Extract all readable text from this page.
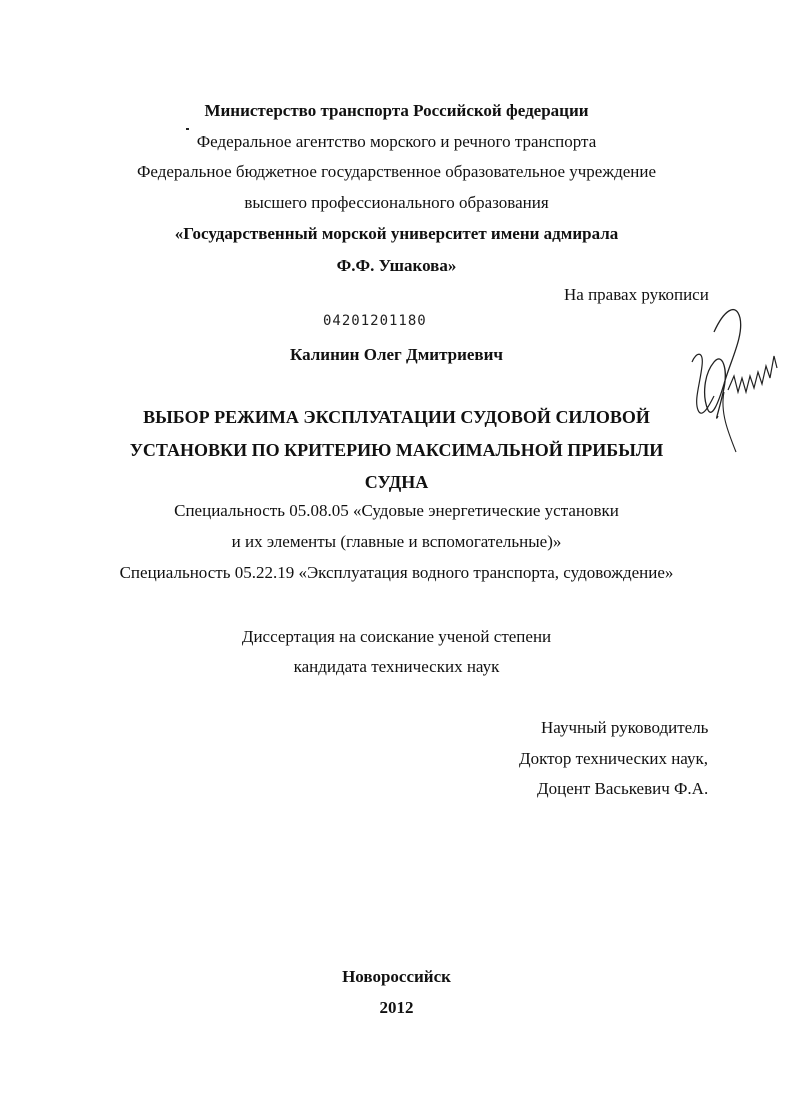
Министерство транспорта Российской федерации
Федеральное агентство морского и речного транспорта
Федеральное бюджетное государственное образовательное учреждение
высшего профессионального образования
«Государственный морской университет имени адмирала
Ф.Ф. Ушакова»
На правах рукописи
04201201180
Калинин Олег Дмитриевич
ВЫБОР РЕЖИМА ЭКСПЛУАТАЦИИ СУДОВОЙ СИЛОВОЙ
УСТАНОВКИ ПО КРИТЕРИЮ МАКСИМАЛЬНОЙ ПРИБЫЛИ
СУДНА
Специальность 05.08.05 «Судовые энергетические установки
и их элементы (главные и вспомогательные)»
Специальность 05.22.19 «Эксплуатация водного транспорта, судовождение»
Диссертация на соискание ученой степени
кандидата технических наук
Научный руководитель
Доктор технических наук,
Доцент Васькевич Ф.А.
Новороссийск
2012
